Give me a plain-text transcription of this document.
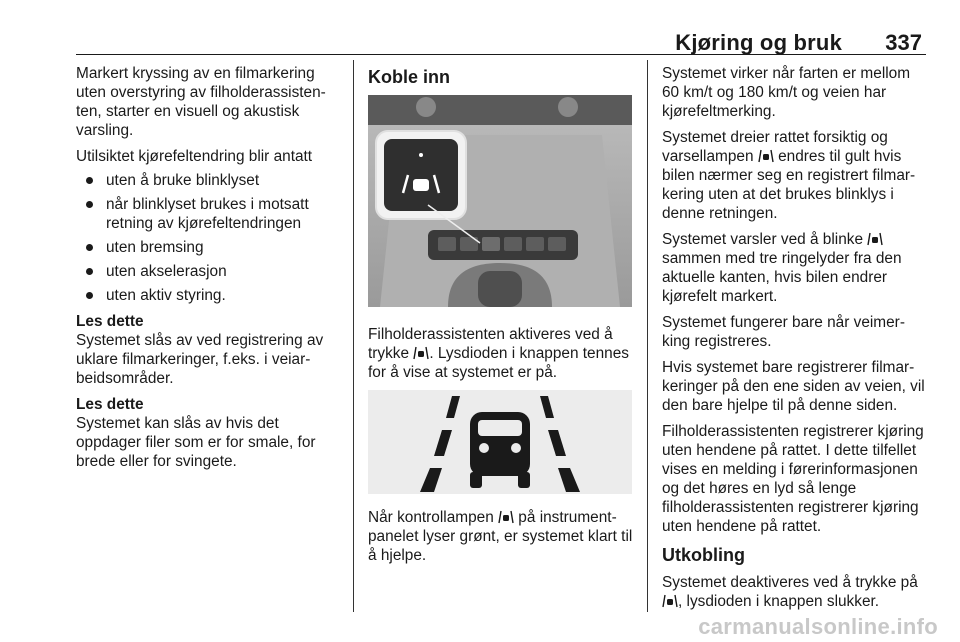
Kjøring og bruk 337

Markert kryssing av en filmarkering uten overstyring av filholderassistenten, starter en visuell og akustisk varsling.

Utilsiktet kjørefeltendring blir antatt

uten å bruke blinklyset
når blinklyset brukes i motsatt retning av kjørefeltendringen
uten bremsing
uten akselerasjon
uten aktiv styring.
Les dette
Systemet slås av ved registrering av uklare filmarkeringer, f.eks. i veiarbeidsområder.
Les dette
Systemet kan slås av hvis det oppdager filer som er for smale, for brede eller for svingete.
Koble inn

Filholderassistenten aktiveres ved å trykke . Lysdioden i knappen tennes for å vise at systemet er på.

Når kontrollampen  på instrumentpanelet lyser grønt, er systemet klart til å hjelpe.

Systemet virker når farten er mellom 60 km/t og 180 km/t og veien har kjørefeltmerking.

Systemet dreier rattet forsiktig og varsellampen  endres til gult hvis bilen nærmer seg en registrert filmarkering uten at det brukes blinklys i denne retningen.

Systemet varsler ved å blinke  sammen med tre ringelyder fra den aktuelle kanten, hvis bilen endrer kjørefelt markert.

Systemet fungerer bare når veimerking registreres.

Hvis systemet bare registrerer filmarkeringer på den ene siden av veien, vil den bare hjelpe til på denne siden.

Filholderassistenten registrerer kjøring uten hendene på rattet. I dette tilfellet vises en melding i førerinformasjonen og det høres en lyd så lenge filholderassistenten registrerer kjøring uten hendene på rattet.

Utkobling

Systemet deaktiveres ved å trykke på , lysdioden i knappen slukker.

carmanualsonline.info
